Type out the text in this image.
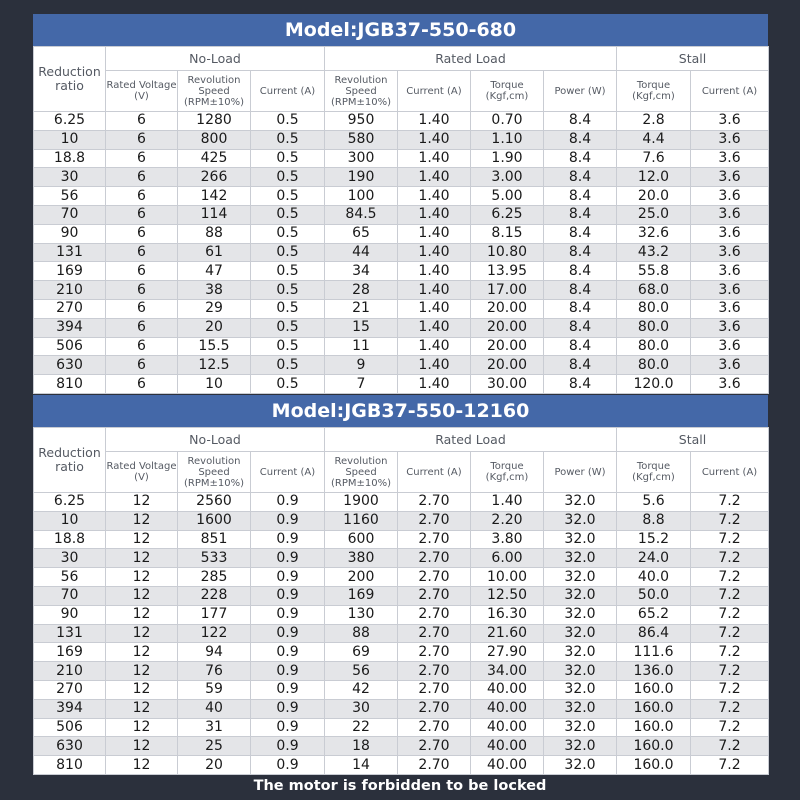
Model:JGB37-550-680
Reduction ratio	No-Load			Rated Load				Stall	
	Rated Voltage (V)	Revolution Speed (RPM±10%)	Current (A)	Revolution Speed (RPM±10%)	Current (A)	Torque (Kgf,cm)	Power (W)	Torque (Kgf,cm)	Current (A)
6.25	6	1280	0.5	950	1.40	0.70	8.4	2.8	3.6
10	6	800	0.5	580	1.40	1.10	8.4	4.4	3.6
18.8	6	425	0.5	300	1.40	1.90	8.4	7.6	3.6
30	6	266	0.5	190	1.40	3.00	8.4	12.0	3.6
56	6	142	0.5	100	1.40	5.00	8.4	20.0	3.6
70	6	114	0.5	84.5	1.40	6.25	8.4	25.0	3.6
90	6	88	0.5	65	1.40	8.15	8.4	32.6	3.6
131	6	61	0.5	44	1.40	10.80	8.4	43.2	3.6
169	6	47	0.5	34	1.40	13.95	8.4	55.8	3.6
210	6	38	0.5	28	1.40	17.00	8.4	68.0	3.6
270	6	29	0.5	21	1.40	20.00	8.4	80.0	3.6
394	6	20	0.5	15	1.40	20.00	8.4	80.0	3.6
506	6	15.5	0.5	11	1.40	20.00	8.4	80.0	3.6
630	6	12.5	0.5	9	1.40	20.00	8.4	80.0	3.6
810	6	10	0.5	7	1.40	30.00	8.4	120.0	3.6
Model:JGB37-550-12160
Reduction ratio	No-Load			Rated Load				Stall	
	Rated Voltage (V)	Revolution Speed (RPM±10%)	Current (A)	Revolution Speed (RPM±10%)	Current (A)	Torque (Kgf,cm)	Power (W)	Torque (Kgf,cm)	Current (A)
6.25	12	2560	0.9	1900	2.70	1.40	32.0	5.6	7.2
10	12	1600	0.9	1160	2.70	2.20	32.0	8.8	7.2
18.8	12	851	0.9	600	2.70	3.80	32.0	15.2	7.2
30	12	533	0.9	380	2.70	6.00	32.0	24.0	7.2
56	12	285	0.9	200	2.70	10.00	32.0	40.0	7.2
70	12	228	0.9	169	2.70	12.50	32.0	50.0	7.2
90	12	177	0.9	130	2.70	16.30	32.0	65.2	7.2
131	12	122	0.9	88	2.70	21.60	32.0	86.4	7.2
169	12	94	0.9	69	2.70	27.90	32.0	111.6	7.2
210	12	76	0.9	56	2.70	34.00	32.0	136.0	7.2
270	12	59	0.9	42	2.70	40.00	32.0	160.0	7.2
394	12	40	0.9	30	2.70	40.00	32.0	160.0	7.2
506	12	31	0.9	22	2.70	40.00	32.0	160.0	7.2
630	12	25	0.9	18	2.70	40.00	32.0	160.0	7.2
810	12	20	0.9	14	2.70	40.00	32.0	160.0	7.2
The motor is forbidden to be locked
